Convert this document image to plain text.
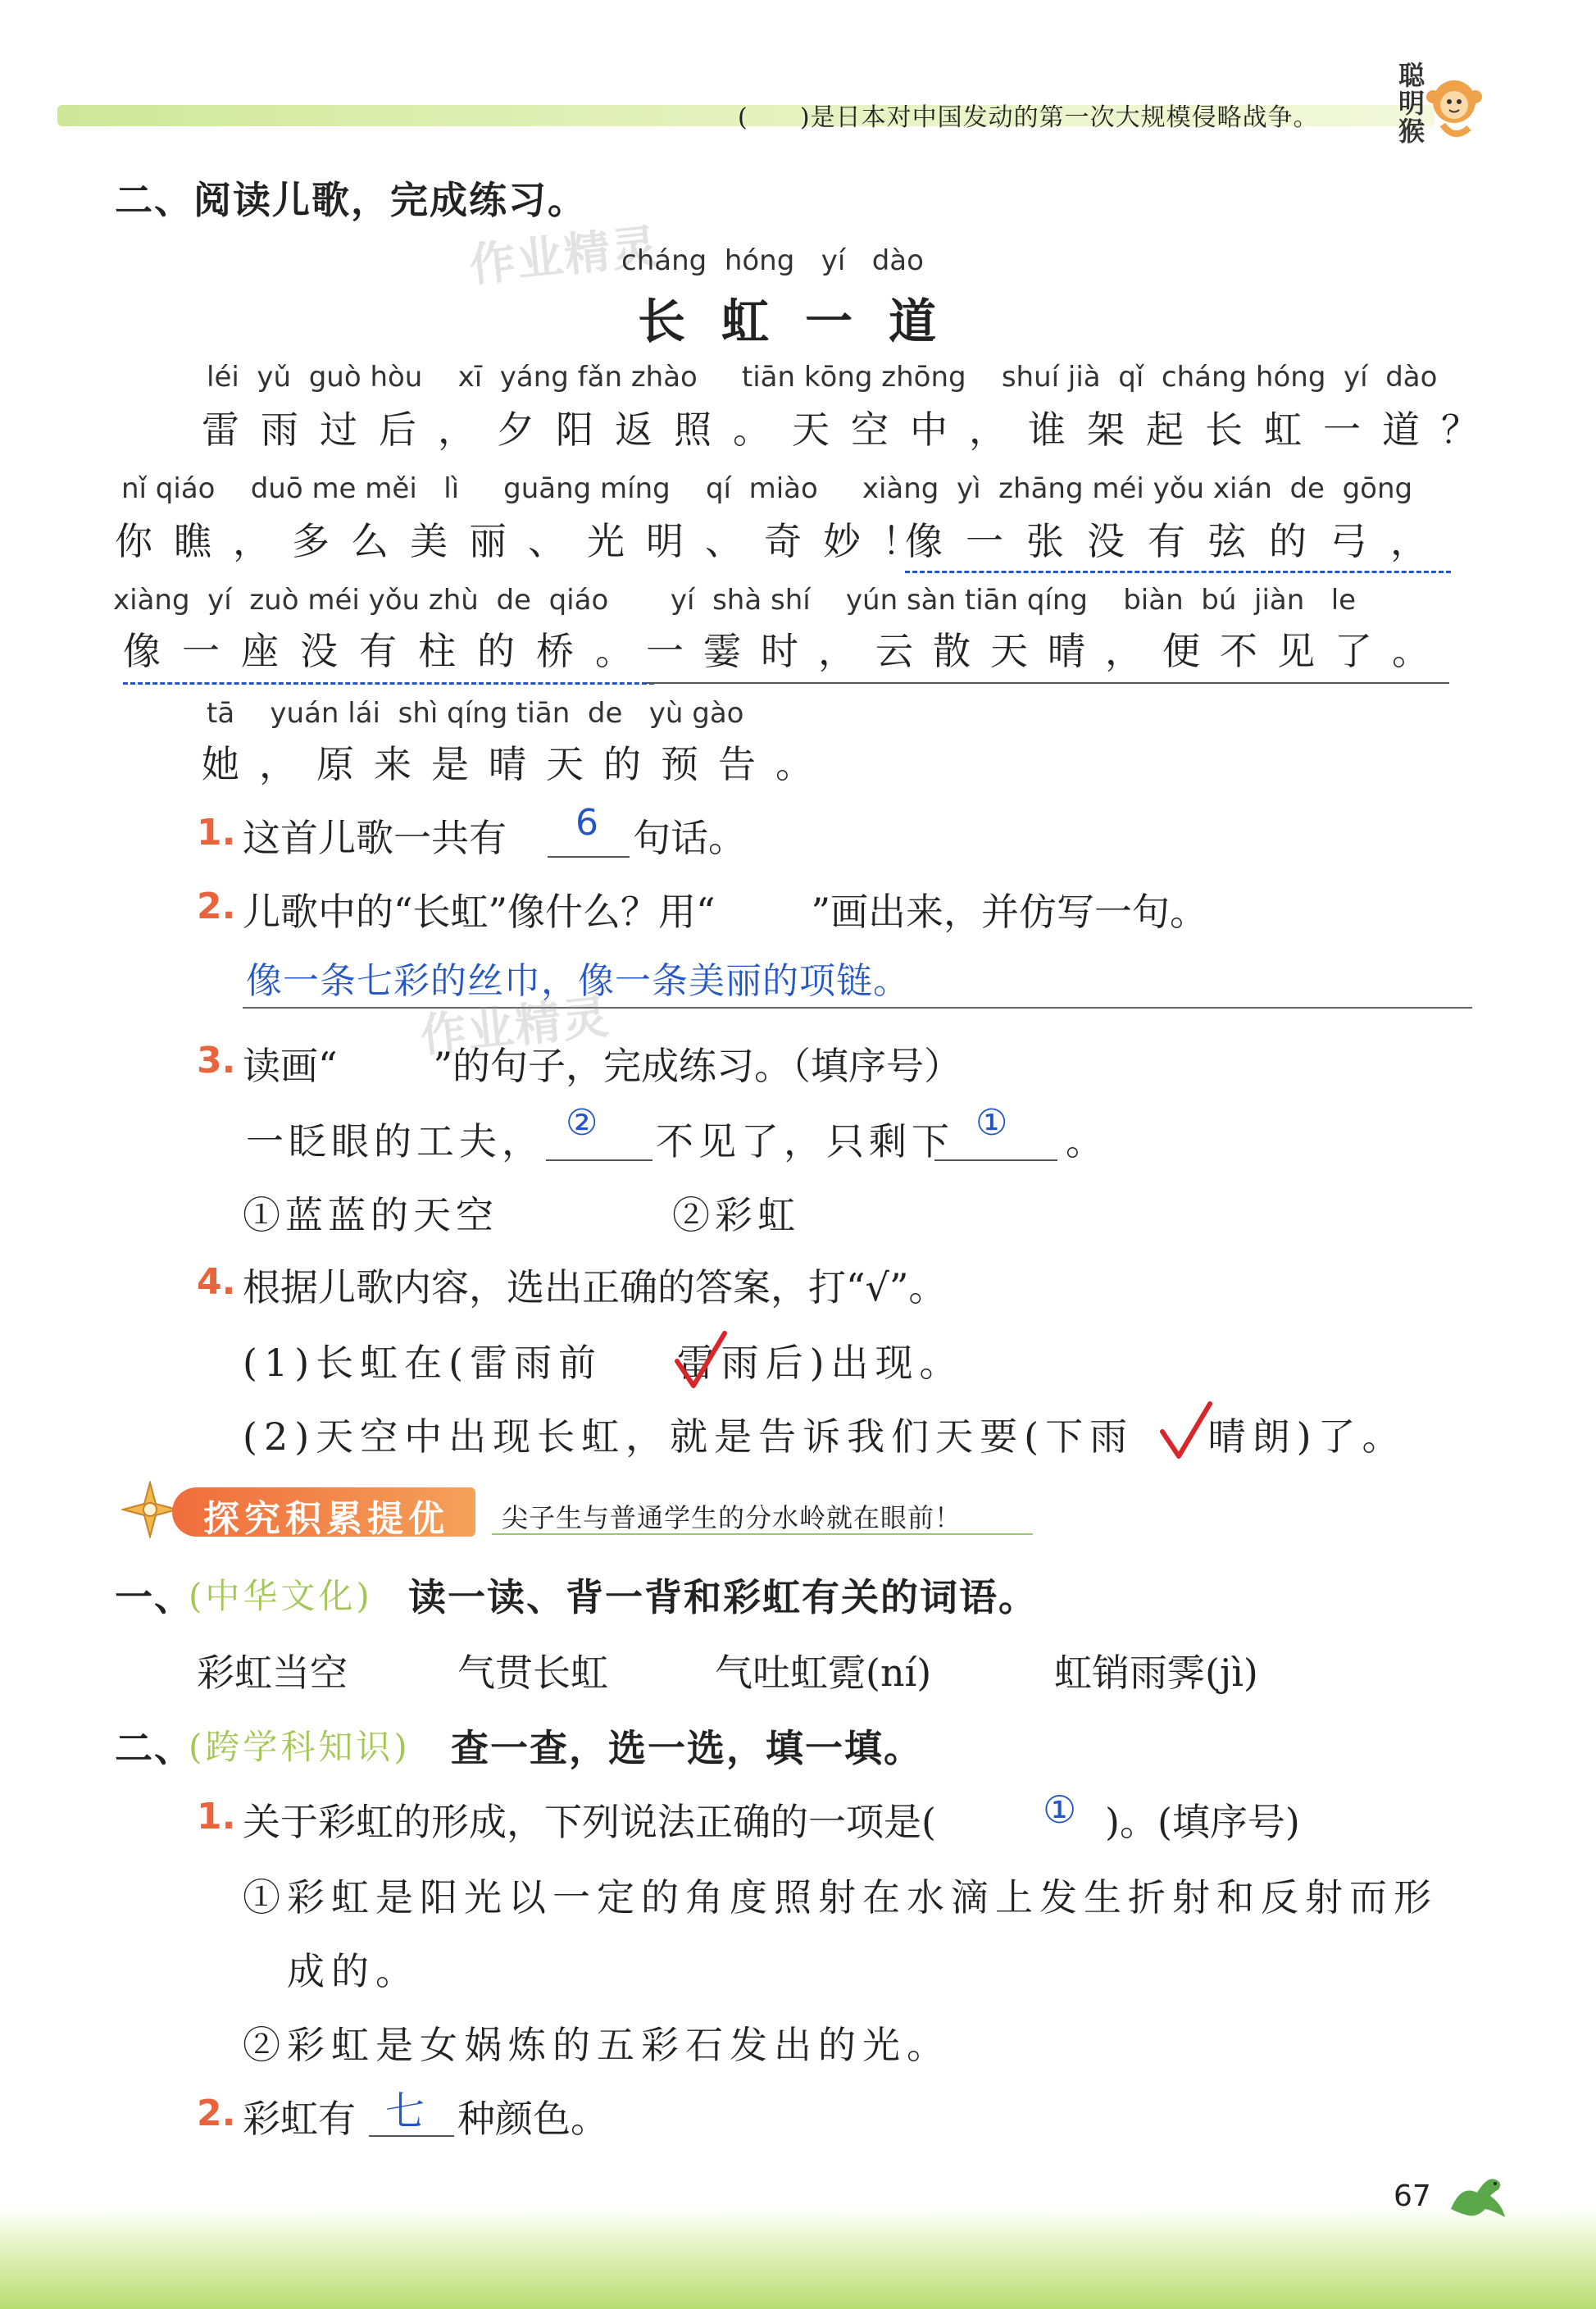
(      )是日本对中国发动的第一次大规模侵略战争。
聪明猴
二、阅读儿歌，完成练习。
作业精灵
cháng  hóng   yí   dào
长虹一道
léi  yǔ  guò hòu    xī  yáng fǎn zhào     tiān kōng zhōng    shuí jià  qǐ  cháng hóng  yí  dào
雷雨过后，夕阳返照。天空中，谁架起长虹一道？
nǐ qiáo    duō me měi   lì     guāng míng    qí  miào     xiàng  yì  zhāng méi yǒu xián  de  gōng
你瞧，多么美丽、光明、奇妙！
像一张没有弦的弓，
xiàng  yí  zuò méi yǒu zhù  de  qiáo       yí  shà shí    yún sàn tiān qíng    biàn  bú  jiàn   le
像一座没有柱的桥。
一霎时，云散天晴，便不见了。
tā    yuán lái  shì qíng tiān  de   yù gào
她，原来是晴天的预告。
1. 这首儿歌一共有 6 句话。
2. 儿歌中的“长虹”像什么？用“        ”画出来，并仿写一句。
像一条七彩的丝巾，像一条美丽的项链。
作业精灵
3. 读画“        ”的句子，完成练习。（填序号）
一眨眼的工夫， ② 不见了，只剩下 ① 。
①蓝蓝的天空	②彩虹
4. 根据儿歌内容，选出正确的答案，打“√”。
(1)长虹在(雷雨前    雷雨后)出现。
(2)天空中出现长虹，就是告诉我们天要(下雨    晴朗)了。
探究积累提优 尖子生与普通学生的分水岭就在眼前！
一、
(中华文化) 读一读、背一背和彩虹有关的词语。
彩虹当空	气贯长虹	气吐虹霓(ní)	虹销雨霁(jì)
二、
(跨学科知识) 查一查，选一选，填一填。
1. 关于彩虹的形成，下列说法正确的一项是(	① )。(填序号)
①彩虹是阳光以一定的角度照射在水滴上发生折射和反射而形
成的。
②彩虹是女娲炼的五彩石发出的光。
2. 彩虹有 七 种颜色。
67
